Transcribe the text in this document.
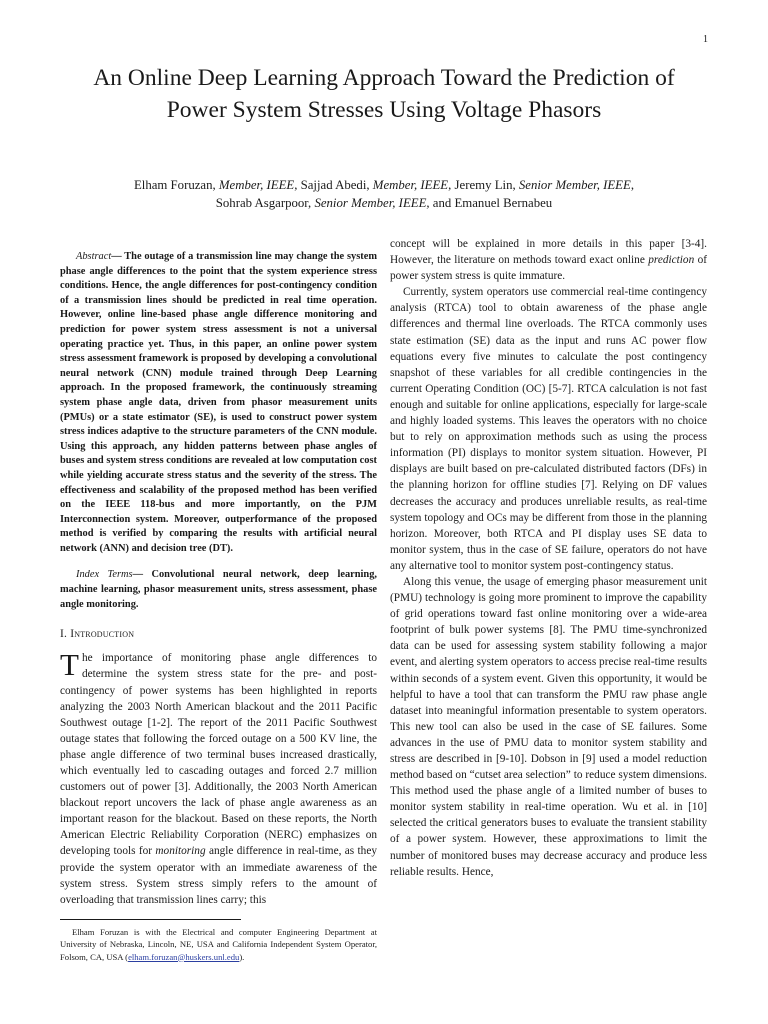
1
An Online Deep Learning Approach Toward the Prediction of Power System Stresses Using Voltage Phasors
Elham Foruzan, Member, IEEE, Sajjad Abedi, Member, IEEE, Jeremy Lin, Senior Member, IEEE,
Sohrab Asgarpoor, Senior Member, IEEE, and Emanuel Bernabeu

Abstract— The outage of a transmission line may change the system phase angle differences to the point that the system experience stress conditions. Hence, the angle differences for post-contingency condition of a transmission lines should be predicted in real time operation. However, online line-based phase angle difference monitoring and prediction for power system stress assessment is not a universal operating practice yet. Thus, in this paper, an online power system stress assessment framework is proposed by developing a convolutional neural network (CNN) module trained through Deep Learning approach. In the proposed framework, the continuously streaming system phase angle data, driven from phasor measurement units (PMUs) or a state estimator (SE), is used to construct power system stress indices adaptive to the structure parameters of the CNN module. Using this approach, any hidden patterns between phase angles of buses and system stress conditions are revealed at low computation cost while yielding accurate stress status and the severity of the stress. The effectiveness and scalability of the proposed method has been verified on the IEEE 118-bus and more importantly, on the PJM Interconnection system. Moreover, outperformance of the proposed method is verified by comparing the results with artificial neural network (ANN) and decision tree (DT).

Index Terms— Convolutional neural network, deep learning, machine learning, phasor measurement units, stress assessment, phase angle monitoring.

I. Introduction

The importance of monitoring phase angle differences to determine the system stress state for the pre- and post-contingency of power systems has been highlighted in reports analyzing the 2003 North American blackout and the 2011 Pacific Southwest outage [1-2]. The report of the 2011 Pacific Southwest outage states that following the forced outage on a 500 KV line, the phase angle difference of two terminal buses increased drastically, which eventually led to cascading outages and forced 2.7 million customers out of power [3]. Additionally, the 2003 North American blackout report uncovers the lack of phase angle awareness as an important reason for the blackout. Based on these reports, the North American Electric Reliability Corporation (NERC) emphasizes on developing tools for monitoring angle difference in real-time, as they provide the system operator with an immediate awareness of the system stress. System stress simply refers to the amount of overloading that transmission lines carry; this

concept will be explained in more details in this paper [3-4]. However, the literature on methods toward exact online prediction of power system stress is quite immature.

Currently, system operators use commercial real-time contingency analysis (RTCA) tool to obtain awareness of the phase angle differences and thermal line overloads. The RTCA commonly uses state estimation (SE) data as the input and runs AC power flow equations every five minutes to calculate the post contingency snapshot of these variables for all credible contingencies in the current Operating Condition (OC) [5-7]. RTCA calculation is not fast enough and suitable for online applications, especially for large-scale and highly loaded systems. This leaves the operators with no choice but to rely on approximation methods such as using the process information (PI) displays to monitor system situation. However, PI displays are built based on pre-calculated distributed factors (DFs) in the planning horizon for offline studies [7]. Relying on DF values decreases the accuracy and produces unreliable results, as real-time system topology and OCs may be different from those in the planning horizon. Moreover, both RTCA and PI display uses SE data to monitor system, thus in the case of SE failure, operators do not have any alternative tool to monitor system post-contingency status.

Along this venue, the usage of emerging phasor measurement unit (PMU) technology is going more prominent to improve the capability of grid operations toward fast online monitoring over a wide-area footprint of bulk power systems [8]. The PMU time-synchronized data can be used for assessing system stability following a major event, and alerting system operators to access precise real-time results within seconds of a system event. Given this opportunity, it would be helpful to have a tool that can transform the PMU raw phase angle dataset into meaningful information presentable to system operators. This new tool can also be used in the case of SE failures. Some advances in the use of PMU data to monitor system stability and stress are described in [9-10]. Dobson in [9] used a model reduction method based on “cutset area selection” to reduce system dimensions. This method used the phase angle of a limited number of buses to monitor system stability in real-time operation. Wu et al. in [10] selected the critical generators buses to evaluate the transient stability of a power system. However, these approximations to limit the number of monitored buses may decrease accuracy and produce less reliable results. Hence,

Elham Foruzan is with the Electrical and computer Engineering Department at University of Nebraska, Lincoln, NE, USA and California Independent System Operator, Folsom, CA, USA (elham.foruzan@huskers.unl.edu).
